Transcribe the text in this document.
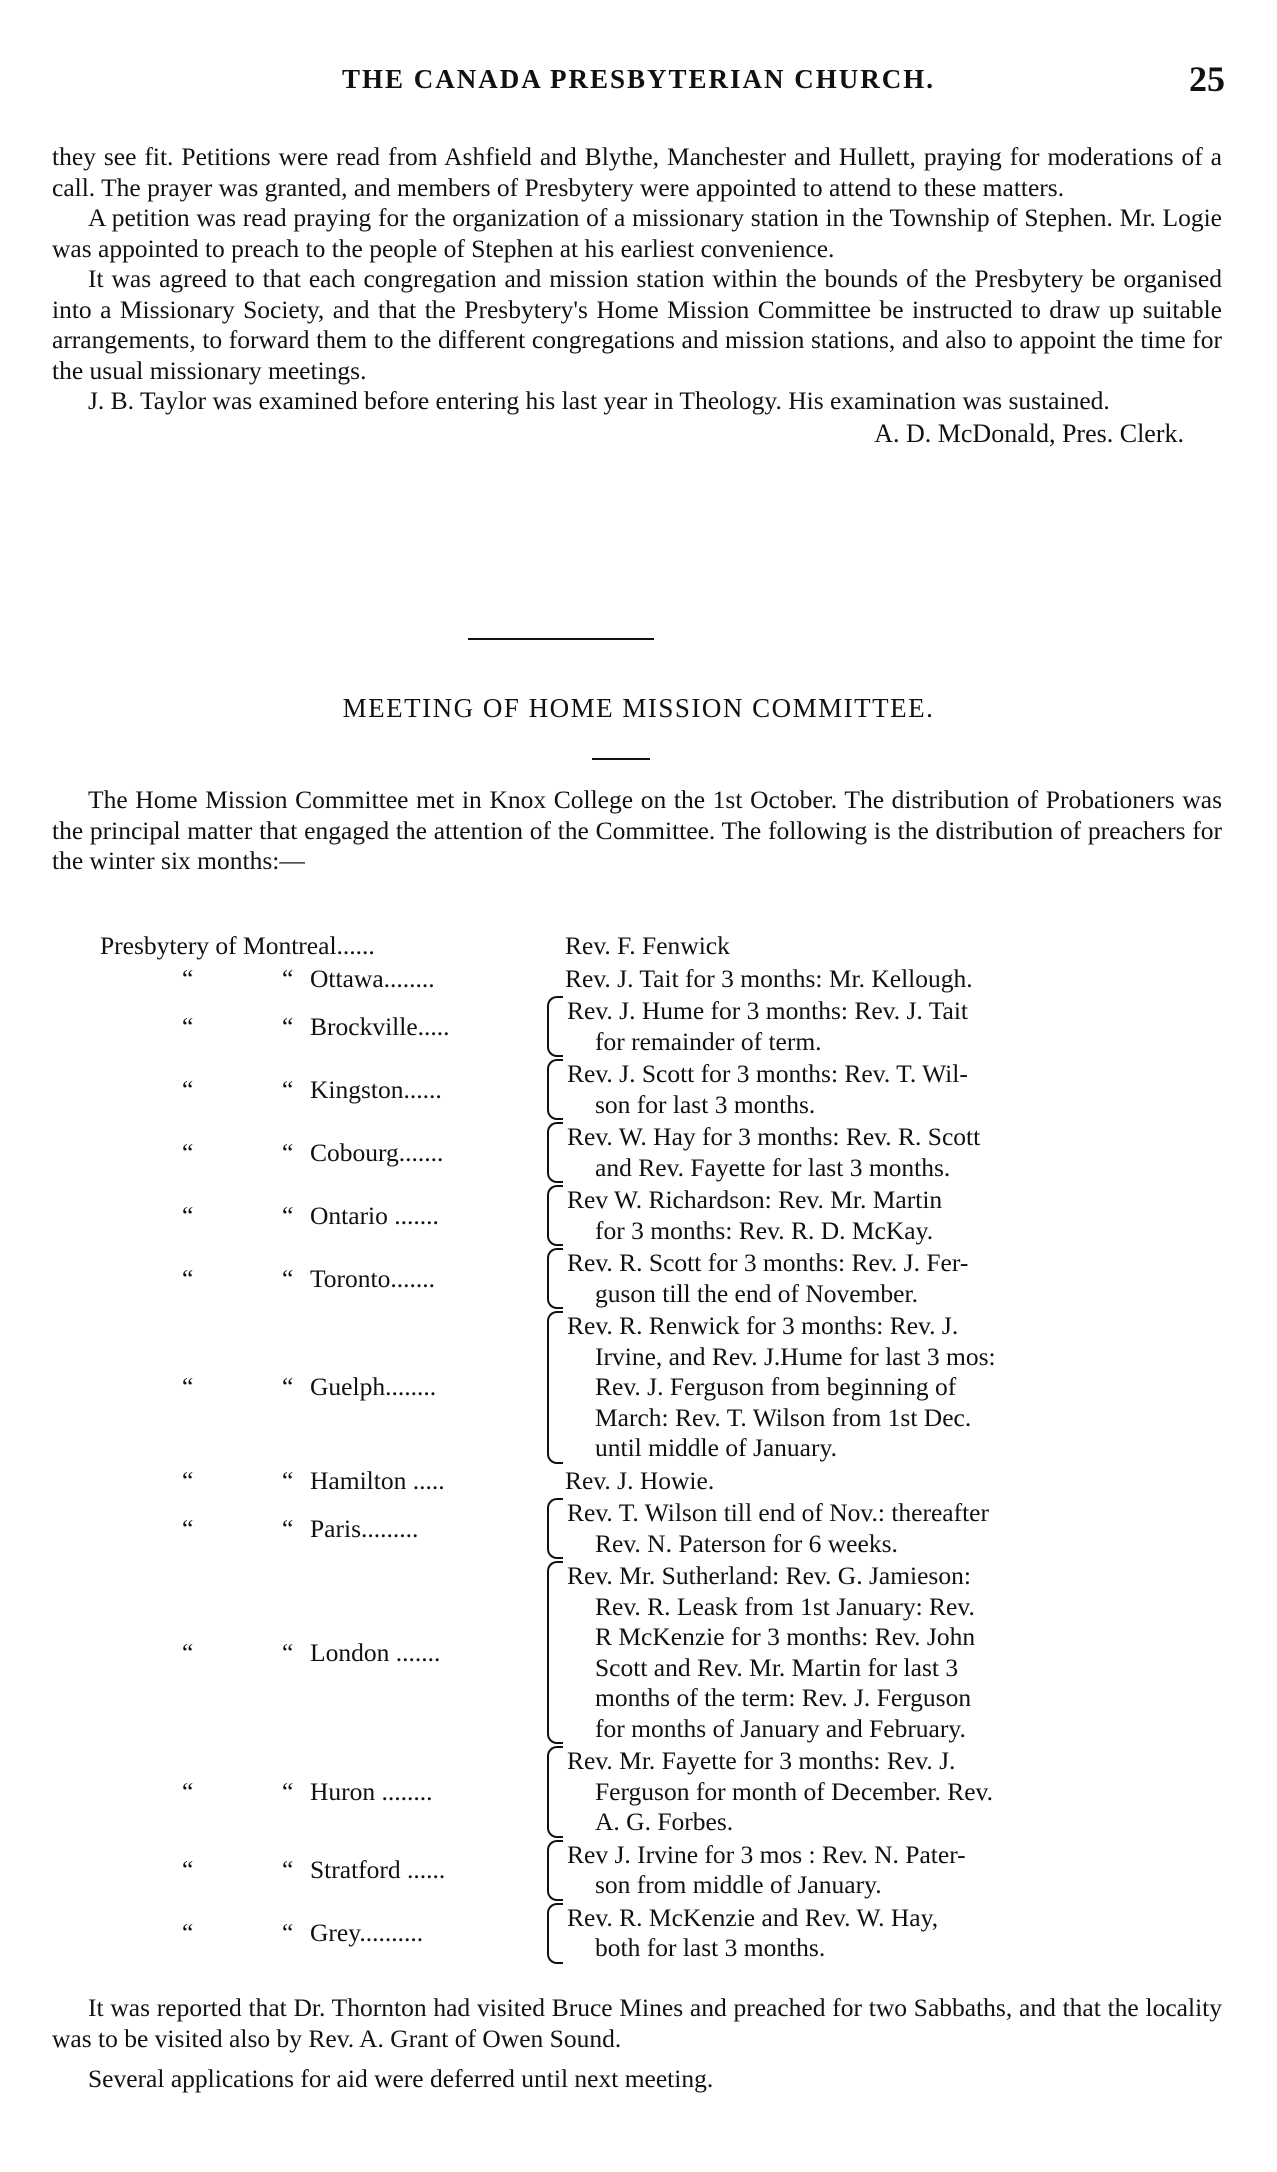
THE CANADA PRESBYTERIAN CHURCH.	25

they see fit. Petitions were read from Ashfield and Blythe, Manchester and Hullett, praying for moderations of a call. The prayer was granted, and members of Presbytery were appointed to attend to these matters.

A petition was read praying for the organization of a missionary station in the Township of Stephen. Mr. Logie was appointed to preach to the people of Stephen at his earliest convenience.

It was agreed to that each congregation and mission station within the bounds of the Presbytery be organised into a Missionary Society, and that the Presbytery's Home Mission Committee be instructed to draw up suitable arrangements, to forward them to the different congregations and mission stations, and also to appoint the time for the usual missionary meetings.

J. B. Taylor was examined before entering his last year in Theology. His examination was sustained.

A. D. McDonald, Pres. Clerk.

MEETING OF HOME MISSION COMMITTEE.

The Home Mission Committee met in Knox College on the 1st October. The distribution of Probationers was the principal matter that engaged the attention of the Committee. The following is the distribution of preachers for the winter six months:—

Presbytery of Montreal......	Rev. F. Fenwick
“	“ Ottawa........	Rev. J. Tait for 3 months: Mr. Kellough.
“	“ Brockville.....
Rev. J. Hume for 3 months: Rev. J. Tait
for remainder of term.
“	“ Kingston......
Rev. J. Scott for 3 months: Rev. T. Wil-
son for last 3 months.
“	“ Cobourg.......
Rev. W. Hay for 3 months: Rev. R. Scott
and Rev. Fayette for last 3 months.
“	“ Ontario .......
Rev W. Richardson: Rev. Mr. Martin
for 3 months: Rev. R. D. McKay.
“	“ Toronto.......
Rev. R. Scott for 3 months: Rev. J. Fer-
guson till the end of November.
“	“ Guelph........
Rev. R. Renwick for 3 months: Rev. J.
Irvine, and Rev. J.Hume for last 3 mos:
Rev. J. Ferguson from beginning of
March: Rev. T. Wilson from 1st Dec.
until middle of January.
“	“ Hamilton .....	Rev. J. Howie.
“	“ Paris.........
Rev. T. Wilson till end of Nov.: thereafter
Rev. N. Paterson for 6 weeks.
“	“ London .......
Rev. Mr. Sutherland: Rev. G. Jamieson:
Rev. R. Leask from 1st January: Rev.
R McKenzie for 3 months: Rev. John
Scott and Rev. Mr. Martin for last 3
months of the term: Rev. J. Ferguson
for months of January and February.
“	“ Huron ........
Rev. Mr. Fayette for 3 months: Rev. J.
Ferguson for month of December. Rev.
A. G. Forbes.
“	“ Stratford ......
Rev J. Irvine for 3 mos : Rev. N. Pater-
son from middle of January.
“	“ Grey..........
Rev. R. McKenzie and Rev. W. Hay,
both for last 3 months.

It was reported that Dr. Thornton had visited Bruce Mines and preached for two Sabbaths, and that the locality was to be visited also by Rev. A. Grant of Owen Sound.

Several applications for aid were deferred until next meeting.
